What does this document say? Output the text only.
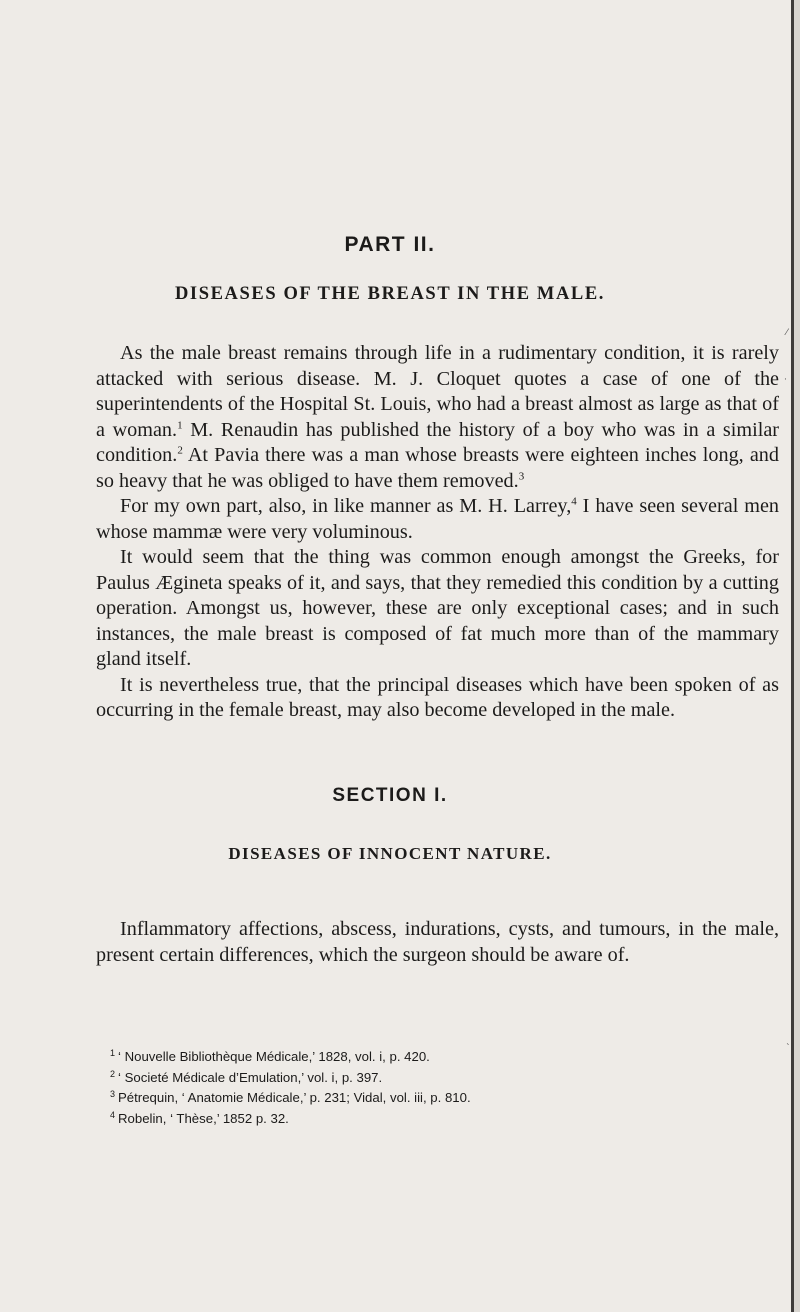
PART II.
DISEASES OF THE BREAST IN THE MALE.

As the male breast remains through life in a rudimentary condition, it is rarely attacked with serious disease. M. J. Cloquet quotes a case of one of the superintendents of the Hospital St. Louis, who had a breast almost as large as that of a woman.$^1$ M. Renaudin has published the history of a boy who was in a similar condition.$^2$ At Pavia there was a man whose breasts were eighteen inches long, and so heavy that he was obliged to have them removed.$^3$

For my own part, also, in like manner as M. H. Larrey,$^4$ I have seen several men whose mammæ were very voluminous.

It would seem that the thing was common enough amongst the Greeks, for Paulus Ægineta speaks of it, and says, that they remedied this condition by a cutting operation. Amongst us, however, these are only exceptional cases; and in such instances, the male breast is composed of fat much more than of the mammary gland itself.

It is nevertheless true, that the principal diseases which have been spoken of as occurring in the female breast, may also become developed in the male.

SECTION I.
DISEASES OF INNOCENT NATURE.

Inflammatory affections, abscess, indurations, cysts, and tumours, in the male, present certain differences, which the surgeon should be aware of.

$^1$ ‘ Nouvelle Bibliothèque Médicale,’ 1828, vol. i, p. 420.
$^2$ ‘ Societé Médicale d’Emulation,’ vol. i, p. 397.
$^3$ Pétrequin, ‘ Anatomie Médicale,’ p. 231; Vidal, vol. iii, p. 810.
$^4$ Robelin, ‘ Thèse,’ 1852 p. 32.
⁄
·
ˎ
